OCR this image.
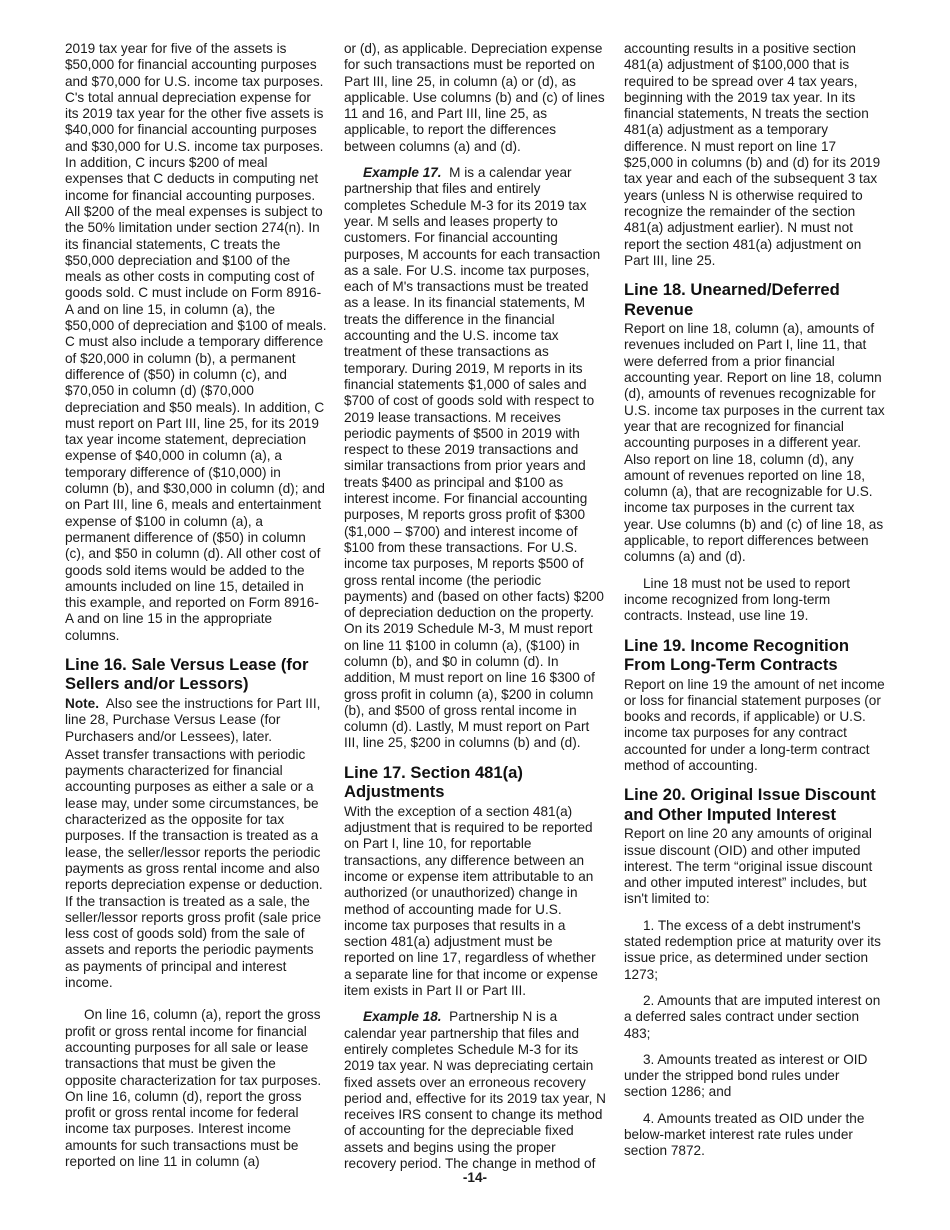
2019 tax year for five of the assets is $50,000 for financial accounting purposes and $70,000 for U.S. income tax purposes. C's total annual depreciation expense for its 2019 tax year for the other five assets is $40,000 for financial accounting purposes and $30,000 for U.S. income tax purposes. In addition, C incurs $200 of meal expenses that C deducts in computing net income for financial accounting purposes. All $200 of the meal expenses is subject to the 50% limitation under section 274(n). In its financial statements, C treats the $50,000 depreciation and $100 of the meals as other costs in computing cost of goods sold. C must include on Form 8916-A and on line 15, in column (a), the $50,000 of depreciation and $100 of meals. C must also include a temporary difference of $20,000 in column (b), a permanent difference of ($50) in column (c), and $70,050 in column (d) ($70,000 depreciation and $50 meals). In addition, C must report on Part III, line 25, for its 2019 tax year income statement, depreciation expense of $40,000 in column (a), a temporary difference of ($10,000) in column (b), and $30,000 in column (d); and on Part III, line 6, meals and entertainment expense of $100 in column (a), a permanent difference of ($50) in column (c), and $50 in column (d). All other cost of goods sold items would be added to the amounts included on line 15, detailed in this example, and reported on Form 8916-A and on line 15 in the appropriate columns.

Line 16. Sale Versus Lease (for Sellers and/or Lessors)

Note. Also see the instructions for Part III, line 28, Purchase Versus Lease (for Purchasers and/or Lessees), later.

Asset transfer transactions with periodic payments characterized for financial accounting purposes as either a sale or a lease may, under some circumstances, be characterized as the opposite for tax purposes. If the transaction is treated as a lease, the seller/lessor reports the periodic payments as gross rental income and also reports depreciation expense or deduction. If the transaction is treated as a sale, the seller/lessor reports gross profit (sale price less cost of goods sold) from the sale of assets and reports the periodic payments as payments of principal and interest income.

On line 16, column (a), report the gross profit or gross rental income for financial accounting purposes for all sale or lease transactions that must be given the opposite characterization for tax purposes. On line 16, column (d), report the gross profit or gross rental income for federal income tax purposes. Interest income amounts for such transactions must be reported on line 11 in column (a)

or (d), as applicable. Depreciation expense for such transactions must be reported on Part III, line 25, in column (a) or (d), as applicable. Use columns (b) and (c) of lines 11 and 16, and Part III, line 25, as applicable, to report the differences between columns (a) and (d).

Example 17. M is a calendar year partnership that files and entirely completes Schedule M-3 for its 2019 tax year. M sells and leases property to customers. For financial accounting purposes, M accounts for each transaction as a sale. For U.S. income tax purposes, each of M's transactions must be treated as a lease. In its financial statements, M treats the difference in the financial accounting and the U.S. income tax treatment of these transactions as temporary. During 2019, M reports in its financial statements $1,000 of sales and $700 of cost of goods sold with respect to 2019 lease transactions. M receives periodic payments of $500 in 2019 with respect to these 2019 transactions and similar transactions from prior years and treats $400 as principal and $100 as interest income. For financial accounting purposes, M reports gross profit of $300 ($1,000 – $700) and interest income of $100 from these transactions. For U.S. income tax purposes, M reports $500 of gross rental income (the periodic payments) and (based on other facts) $200 of depreciation deduction on the property. On its 2019 Schedule M-3, M must report on line 11 $100 in column (a), ($100) in column (b), and $0 in column (d). In addition, M must report on line 16 $300 of gross profit in column (a), $200 in column (b), and $500 of gross rental income in column (d). Lastly, M must report on Part III, line 25, $200 in columns (b) and (d).

Line 17. Section 481(a) Adjustments

With the exception of a section 481(a) adjustment that is required to be reported on Part I, line 10, for reportable transactions, any difference between an income or expense item attributable to an authorized (or unauthorized) change in method of accounting made for U.S. income tax purposes that results in a section 481(a) adjustment must be reported on line 17, regardless of whether a separate line for that income or expense item exists in Part II or Part III.

Example 18. Partnership N is a calendar year partnership that files and entirely completes Schedule M-3 for its 2019 tax year. N was depreciating certain fixed assets over an erroneous recovery period and, effective for its 2019 tax year, N receives IRS consent to change its method of accounting for the depreciable fixed assets and begins using the proper recovery period. The change in method of

accounting results in a positive section 481(a) adjustment of $100,000 that is required to be spread over 4 tax years, beginning with the 2019 tax year. In its financial statements, N treats the section 481(a) adjustment as a temporary difference. N must report on line 17 $25,000 in columns (b) and (d) for its 2019 tax year and each of the subsequent 3 tax years (unless N is otherwise required to recognize the remainder of the section 481(a) adjustment earlier). N must not report the section 481(a) adjustment on Part III, line 25.

Line 18. Unearned/Deferred Revenue

Report on line 18, column (a), amounts of revenues included on Part I, line 11, that were deferred from a prior financial accounting year. Report on line 18, column (d), amounts of revenues recognizable for U.S. income tax purposes in the current tax year that are recognized for financial accounting purposes in a different year. Also report on line 18, column (d), any amount of revenues reported on line 18, column (a), that are recognizable for U.S. income tax purposes in the current tax year. Use columns (b) and (c) of line 18, as applicable, to report differences between columns (a) and (d).

Line 18 must not be used to report income recognized from long-term contracts. Instead, use line 19.

Line 19. Income Recognition From Long-Term Contracts

Report on line 19 the amount of net income or loss for financial statement purposes (or books and records, if applicable) or U.S. income tax purposes for any contract accounted for under a long-term contract method of accounting.

Line 20. Original Issue Discount and Other Imputed Interest

Report on line 20 any amounts of original issue discount (OID) and other imputed interest. The term “original issue discount and other imputed interest” includes, but isn't limited to:

1. The excess of a debt instrument's stated redemption price at maturity over its issue price, as determined under section 1273;

2. Amounts that are imputed interest on a deferred sales contract under section 483;

3. Amounts treated as interest or OID under the stripped bond rules under section 1286; and

4. Amounts treated as OID under the below-market interest rate rules under section 7872.

-14-
